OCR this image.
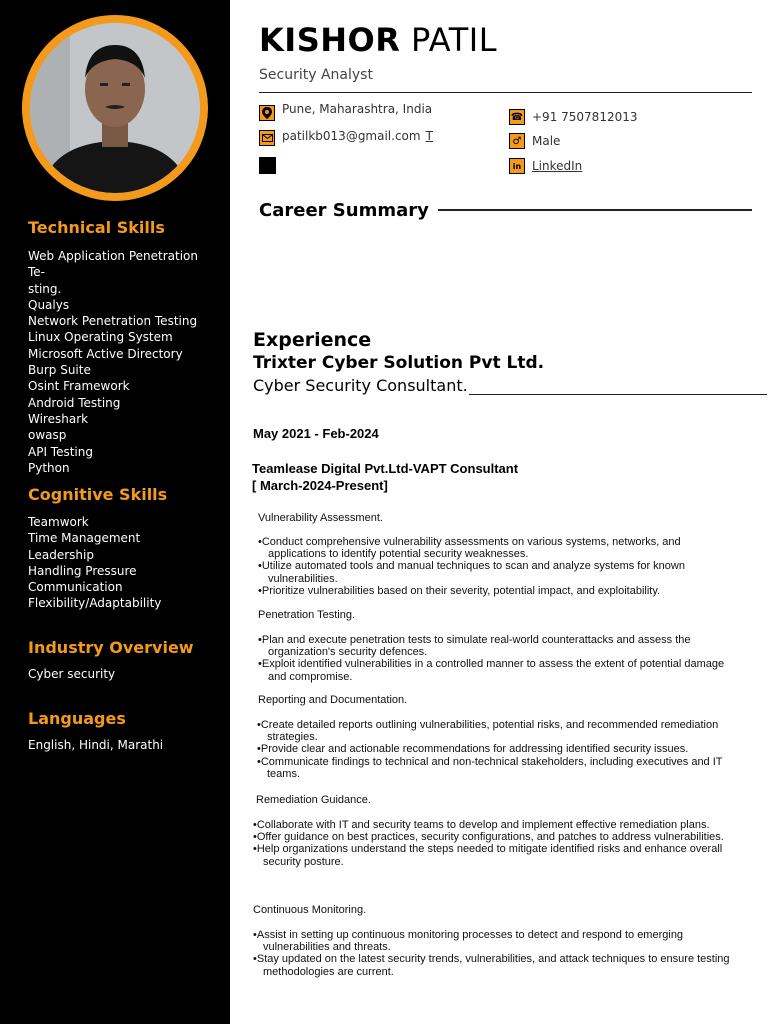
Technical Skills
Web Application Penetration Te-
sting.
Qualys
Network Penetration Testing
Linux Operating System
Microsoft Active Directory
Burp Suite
Osint Framework
Android Testing
Wireshark
owasp
API Testing
Python
Cognitive Skills
Teamwork
Time Management
Leadership
Handling Pressure
Communication
Flexibility/Adaptability
Industry Overview
Cyber security
Languages
English, Hindi, Marathi
KISHOR PATIL
Security Analyst
Pune, Maharashtra, India
patilkb013@gmail.com T
☎ +91 7507812013
♂ Male
in LinkedIn
Career Summary
Experience
Trixter Cyber Solution Pvt Ltd.
Cyber Security Consultant.
May 2021 - Feb-2024
Teamlease Digital Pvt.Ltd-VAPT Consultant
[ March-2024-Present]
Vulnerability Assessment.
• Conduct comprehensive vulnerability assessments on various systems, networks, and applications to identify potential security weaknesses.
• Utilize automated tools and manual techniques to scan and analyze systems for known vulnerabilities.
• Prioritize vulnerabilities based on their severity, potential impact, and exploitability.
Penetration Testing.
• Plan and execute penetration tests to simulate real-world counterattacks and assess the organization's security defences.
• Exploit identified vulnerabilities in a controlled manner to assess the extent of potential damage and compromise.
Reporting and Documentation.
• Create detailed reports outlining vulnerabilities, potential risks, and recommended remediation strategies.
• Provide clear and actionable recommendations for addressing identified security issues.
• Communicate findings to technical and non-technical stakeholders, including executives and IT teams.
Remediation Guidance.
• Collaborate with IT and security teams to develop and implement effective remediation plans.
• Offer guidance on best practices, security configurations, and patches to address vulnerabilities.
• Help organizations understand the steps needed to mitigate identified risks and enhance overall security posture.
Continuous Monitoring.
• Assist in setting up continuous monitoring processes to detect and respond to emerging vulnerabilities and threats.
• Stay updated on the latest security trends, vulnerabilities, and attack techniques to ensure testing methodologies are current.
